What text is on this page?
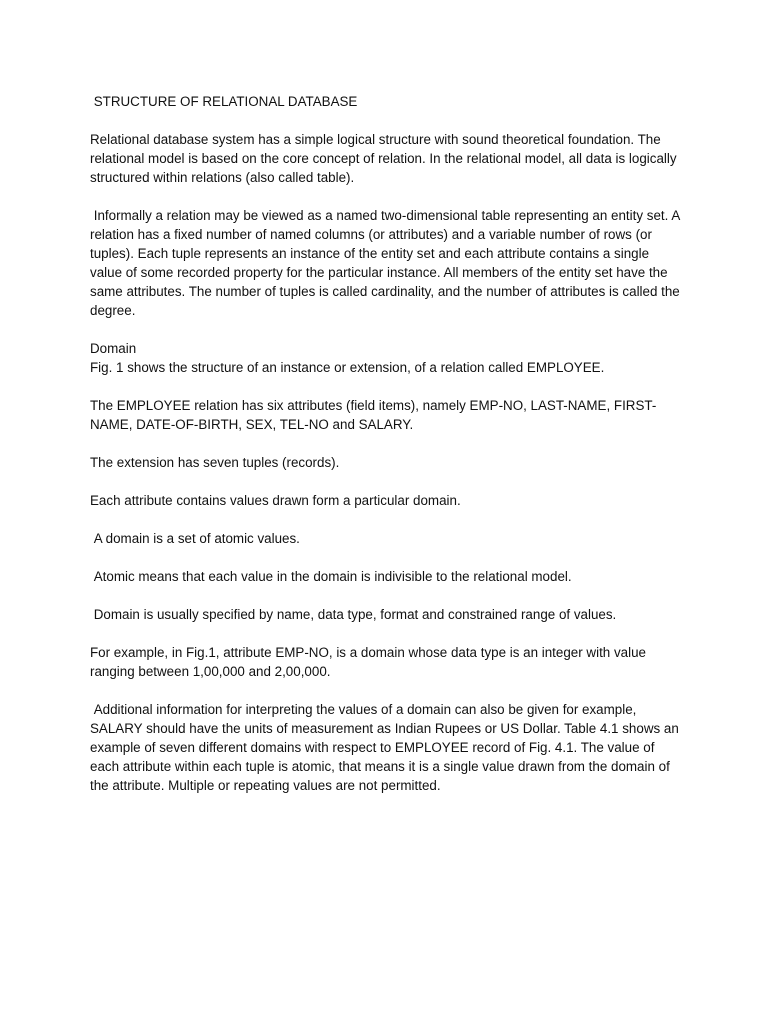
STRUCTURE OF RELATIONAL DATABASE

Relational database system has a simple logical structure with sound theoretical foundation. The relational model is based on the core concept of relation. In the relational model, all data is logically structured within relations (also called table).

Informally a relation may be viewed as a named two-dimensional table representing an entity set. A relation has a fixed number of named columns (or attributes) and a variable number of rows (or tuples). Each tuple represents an instance of the entity set and each attribute contains a single value of some recorded property for the particular instance. All members of the entity set have the same attributes. The number of tuples is called cardinality, and the number of attributes is called the degree.

Domain

Fig. 1 shows the structure of an instance or extension, of a relation called EMPLOYEE.

The EMPLOYEE relation has six attributes (field items), namely EMP-NO, LAST-NAME, FIRST-NAME, DATE-OF-BIRTH, SEX, TEL-NO and SALARY.

The extension has seven tuples (records).

Each attribute contains values drawn form a particular domain.

A domain is a set of atomic values.

Atomic means that each value in the domain is indivisible to the relational model.

Domain is usually specified by name, data type, format and constrained range of values.

For example, in Fig.1, attribute EMP-NO, is a domain whose data type is an integer with value ranging between 1,00,000 and 2,00,000.

Additional information for interpreting the values of a domain can also be given for example, SALARY should have the units of measurement as Indian Rupees or US Dollar. Table 4.1 shows an example of seven different domains with respect to EMPLOYEE record of Fig. 4.1. The value of each attribute within each tuple is atomic, that means it is a single value drawn from the domain of the attribute. Multiple or repeating values are not permitted.
